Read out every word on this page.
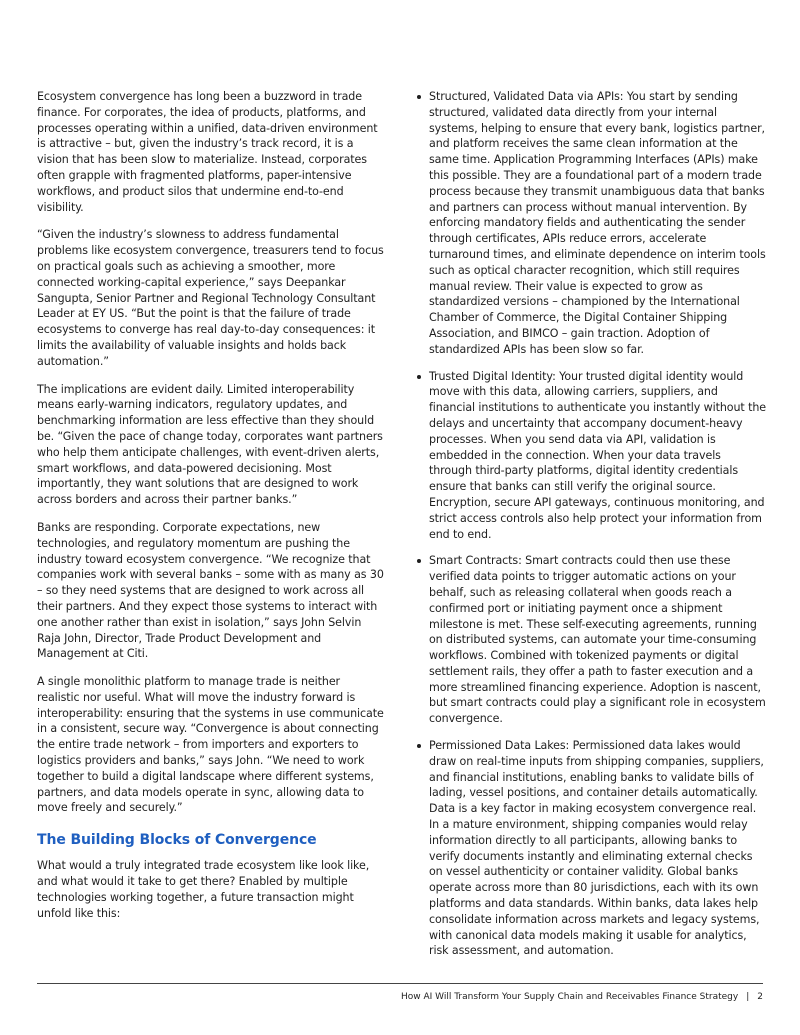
Ecosystem convergence has long been a buzzword in trade finance. For corporates, the idea of products, platforms, and processes operating within a unified, data-driven environment is attractive – but, given the industry’s track record, it is a vision that has been slow to materialize. Instead, corporates often grapple with fragmented platforms, paper-intensive workflows, and product silos that undermine end-to-end visibility.

“Given the industry’s slowness to address fundamental problems like ecosystem convergence, treasurers tend to focus on practical goals such as achieving a smoother, more connected working-capital experience,” says Deepankar Sangupta, Senior Partner and Regional Technology Consultant Leader at EY US. “But the point is that the failure of trade ecosystems to converge has real day-to-day consequences: it limits the availability of valuable insights and holds back automation.”

The implications are evident daily. Limited interoperability means early-warning indicators, regulatory updates, and benchmarking information are less effective than they should be. “Given the pace of change today, corporates want partners who help them anticipate challenges, with event-driven alerts, smart workflows, and data-powered decisioning. Most importantly, they want solutions that are designed to work across borders and across their partner banks.”

Banks are responding. Corporate expectations, new technologies, and regulatory momentum are pushing the industry toward ecosystem convergence. “We recognize that companies work with several banks – some with as many as 30 – so they need systems that are designed to work across all their partners. And they expect those systems to interact with one another rather than exist in isolation,” says John Selvin Raja John, Director, Trade Product Development and Management at Citi.

A single monolithic platform to manage trade is neither realistic nor useful. What will move the industry forward is interoperability: ensuring that the systems in use communicate in a consistent, secure way. “Convergence is about connecting the entire trade network – from importers and exporters to logistics providers and banks,” says John. “We need to work together to build a digital landscape where different systems, partners, and data models operate in sync, allowing data to move freely and securely.”

The Building Blocks of Convergence

What would a truly integrated trade ecosystem like look like, and what would it take to get there? Enabled by multiple technologies working together, a future transaction might unfold like this:

Structured, Validated Data via APIs: You start by sending structured, validated data directly from your internal systems, helping to ensure that every bank, logistics partner, and platform receives the same clean information at the same time. Application Programming Interfaces (APIs) make this possible. They are a foundational part of a modern trade process because they transmit unambiguous data that banks and partners can process without manual intervention. By enforcing mandatory fields and authenticating the sender through certificates, APIs reduce errors, accelerate turnaround times, and eliminate dependence on interim tools such as optical character recognition, which still requires manual review. Their value is expected to grow as standardized versions – championed by the International Chamber of Commerce, the Digital Container Shipping Association, and BIMCO – gain traction. Adoption of standardized APIs has been slow so far.
Trusted Digital Identity: Your trusted digital identity would move with this data, allowing carriers, suppliers, and financial institutions to authenticate you instantly without the delays and uncertainty that accompany document-heavy processes. When you send data via API, validation is embedded in the connection. When your data travels through third-party platforms, digital identity credentials ensure that banks can still verify the original source. Encryption, secure API gateways, continuous monitoring, and strict access controls also help protect your information from end to end.
Smart Contracts: Smart contracts could then use these verified data points to trigger automatic actions on your behalf, such as releasing collateral when goods reach a confirmed port or initiating payment once a shipment milestone is met. These self-executing agreements, running on distributed systems, can automate your time-consuming workflows. Combined with tokenized payments or digital settlement rails, they offer a path to faster execution and a more streamlined financing experience. Adoption is nascent, but smart contracts could play a significant role in ecosystem convergence.
Permissioned Data Lakes: Permissioned data lakes would draw on real-time inputs from shipping companies, suppliers, and financial institutions, enabling banks to validate bills of lading, vessel positions, and container details automatically. Data is a key factor in making ecosystem convergence real. In a mature environment, shipping companies would relay information directly to all participants, allowing banks to verify documents instantly and eliminating external checks on vessel authenticity or container validity. Global banks operate across more than 80 jurisdictions, each with its own platforms and data standards. Within banks, data lakes help consolidate information across markets and legacy systems, with canonical data models making it usable for analytics, risk assessment, and automation.
How AI Will Transform Your Supply Chain and Receivables Finance Strategy | 2
